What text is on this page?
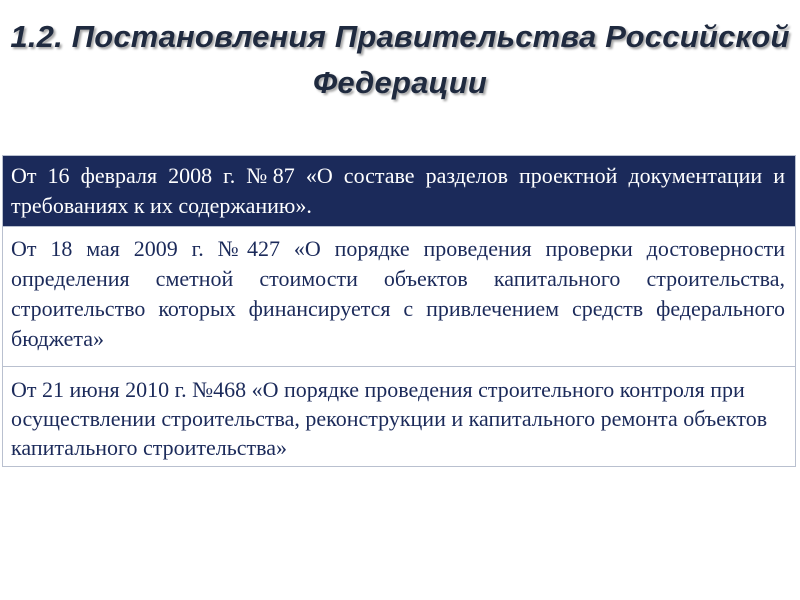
1.2. Постановления Правительства Российской Федерации
От 16 февраля 2008 г. №87 «О составе разделов проектной документации и требованиях к их содержанию».
От 18 мая 2009 г. №427 «О порядке проведения проверки достоверности определения сметной стоимости объектов капитального строительства, строительство которых финансируется с привлечением средств федерального бюджета»
От 21 июня 2010 г. №468 «О порядке проведения строительного контроля при осуществлении строительства, реконструкции и капитального ремонта объектов капитального строительства»
